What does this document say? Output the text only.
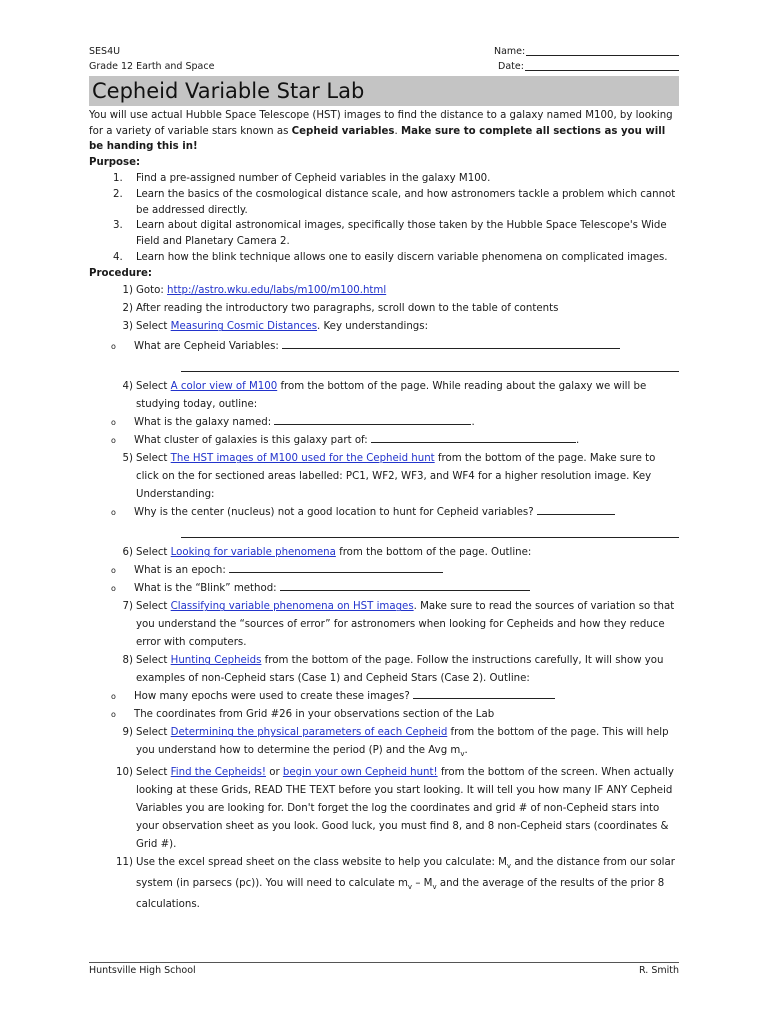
SES4U
Grade 12 Earth and Space
Name:
Date:
Cepheid Variable Star Lab

You will use actual Hubble Space Telescope (HST) images to find the distance to a galaxy named M100, by looking for a variety of variable stars known as Cepheid variables. Make sure to complete all sections as you will be handing this in!

Purpose:
1. Find a pre-assigned number of Cepheid variables in the galaxy M100.
2. Learn the basics of the cosmological distance scale, and how astronomers tackle a problem which cannot be addressed directly.
3. Learn about digital astronomical images, specifically those taken by the Hubble Space Telescope's Wide Field and Planetary Camera 2.
4. Learn how the blink technique allows one to easily discern variable phenomena on complicated images.
Procedure:
1) Goto: http://astro.wku.edu/labs/m100/m100.html
2) After reading the introductory two paragraphs, scroll down to the table of contents
3) Select Measuring Cosmic Distances. Key understandings:
o What are Cepheid Variables:
4) Select A color view of M100 from the bottom of the page. While reading about the galaxy we will be studying today, outline:
o What is the galaxy named:	.
o What cluster of galaxies is this galaxy part of:	.
5) Select The HST images of M100 used for the Cepheid hunt from the bottom of the page. Make sure to click on the for sectioned areas labelled: PC1, WF2, WF3, and WF4 for a higher resolution image. Key Understanding:
o Why is the center (nucleus) not a good location to hunt for Cepheid variables?
6) Select Looking for variable phenomena from the bottom of the page. Outline:
o What is an epoch:
o What is the “Blink” method:
7) Select Classifying variable phenomena on HST images. Make sure to read the sources of variation so that you understand the “sources of error” for astronomers when looking for Cepheids and how they reduce error with computers.
8) Select Hunting Cepheids from the bottom of the page. Follow the instructions carefully, It will show you examples of non-Cepheid stars (Case 1) and Cepheid Stars (Case 2). Outline:
o How many epochs were used to create these images?
o The coordinates from Grid #26 in your observations section of the Lab
9) Select Determining the physical parameters of each Cepheid from the bottom of the page. This will help you understand how to determine the period (P) and the Avg $m_v$.
10) Select Find the Cepheids! or begin your own Cepheid hunt! from the bottom of the screen. When actually looking at these Grids, READ THE TEXT before you start looking. It will tell you how many IF ANY Cepheid Variables you are looking for. Don't forget the log the coordinates and grid # of non-Cepheid stars into your observation sheet as you look. Good luck, you must find 8, and 8 non-Cepheid stars (coordinates & Grid #).
11) Use the excel spread sheet on the class website to help you calculate: $M_v$ and the distance from our solar system (in parsecs (pc)). You will need to calculate $m_v - M_v$ and the average of the results of the prior 8 calculations.
Huntsville High School	R. Smith
